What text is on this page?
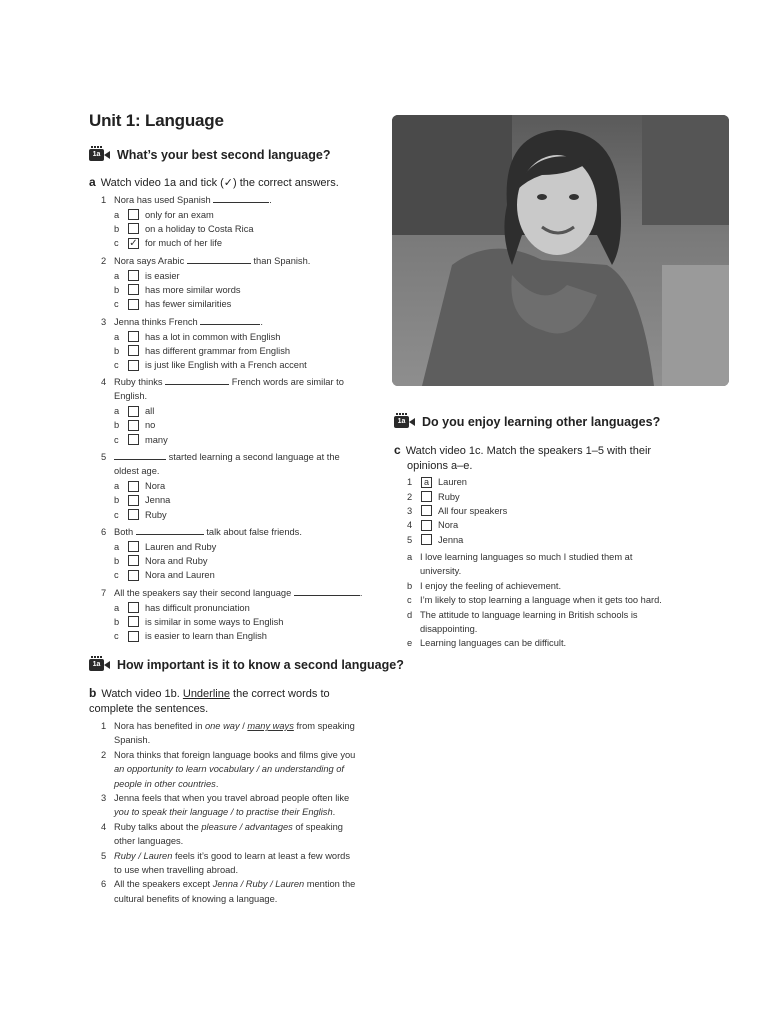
Unit 1: Language
1a What’s your best second language?
a Watch video 1a and tick (✓) the correct answers.
1 Nora has used Spanish	.
a	only for an exam
b	on a holiday to Costa Rica
c	✓ for much of her life
2 Nora says Arabic	than Spanish.
a	is easier
b	has more similar words
c	has fewer similarities
3 Jenna thinks French	.
a	has a lot in common with English
b	has different grammar from English
c	is just like English with a French accent
4 Ruby thinks	French words are similar to
English.
a	all
b	no
c	many
5	started learning a second language at the
oldest age.
a	Nora
b	Jenna
c	Ruby
6 Both	talk about false friends.
a	Lauren and Ruby
b	Nora and Ruby
c	Nora and Lauren
7 All the speakers say their second language	.
a	has difficult pronunciation
b	is similar in some ways to English
c	is easier to learn than English
1a How important is it to know a second language?
b Watch video 1b. Underline the correct words to
complete the sentences.
1 Nora has benefited in one way / many ways from speaking
Spanish.
2 Nora thinks that foreign language books and films give you
an opportunity to learn vocabulary / an understanding of
people in other countries.
3 Jenna feels that when you travel abroad people often like
you to speak their language / to practise their English.
4 Ruby talks about the pleasure / advantages of speaking
other languages.
5 Ruby / Lauren feels it’s good to learn at least a few words
to use when travelling abroad.
6 All the speakers except Jenna / Ruby / Lauren mention the
cultural benefits of knowing a language.
1a Do you enjoy learning other languages?
c Watch video 1c. Match the speakers 1–5 with their
opinions a–e.
1	a Lauren
2	Ruby
3	All four speakers
4	Nora
5	Jenna
a I love learning languages so much I studied them at
university.
b I enjoy the feeling of achievement.
c I’m likely to stop learning a language when it gets too hard.
d The attitude to language learning in British schools is
disappointing.
e Learning languages can be difficult.
